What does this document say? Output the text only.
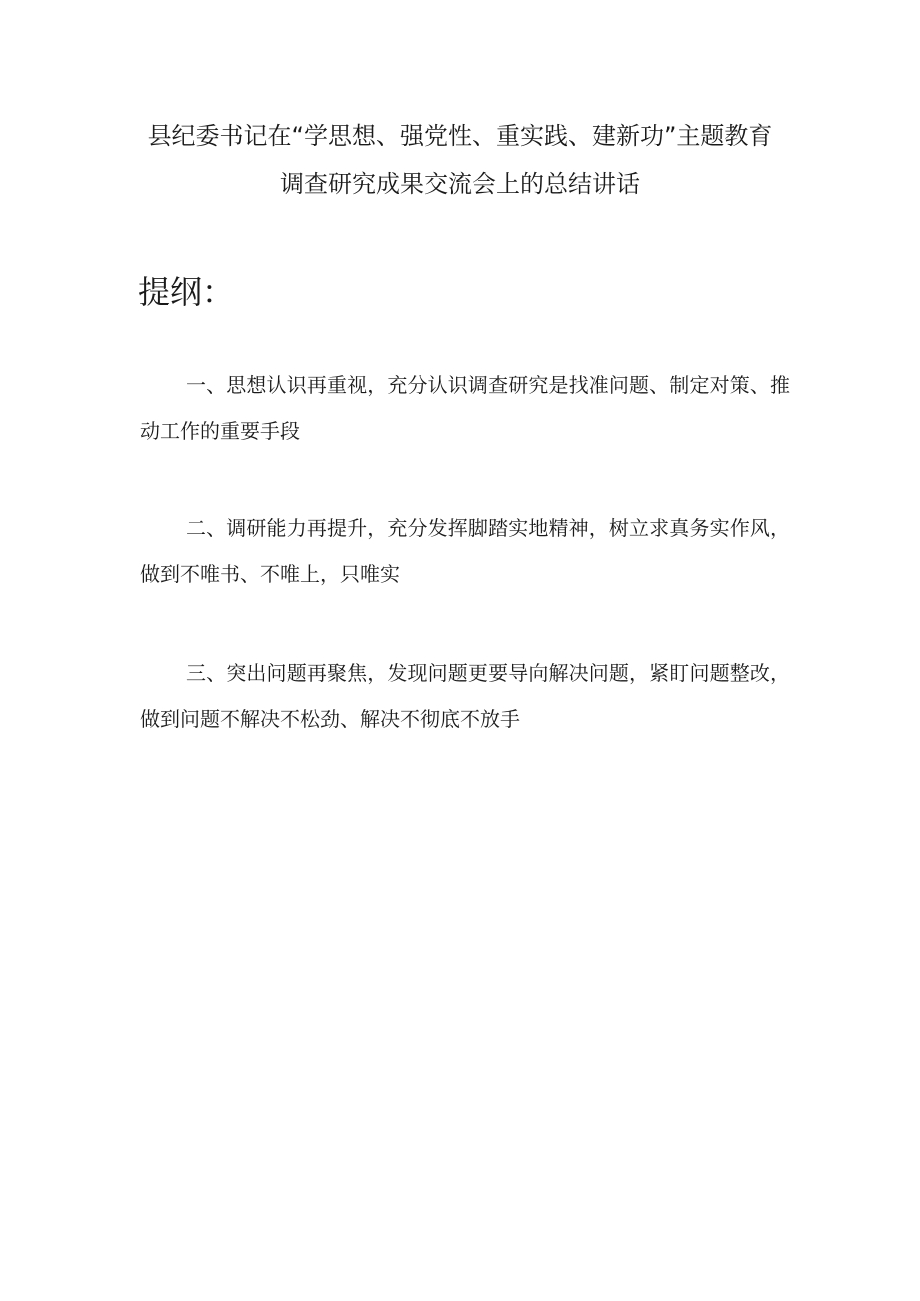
县纪委书记在“学思想、强党性、重实践、建新功”主题教育调查研究成果交流会上的总结讲话
提纲：

一、思想认识再重视，充分认识调查研究是找准问题、制定对策、推动工作的重要手段

二、调研能力再提升，充分发挥脚踏实地精神，树立求真务实作风，做到不唯书、不唯上，只唯实

三、突出问题再聚焦，发现问题更要导向解决问题，紧盯问题整改，做到问题不解决不松劲、解决不彻底不放手
